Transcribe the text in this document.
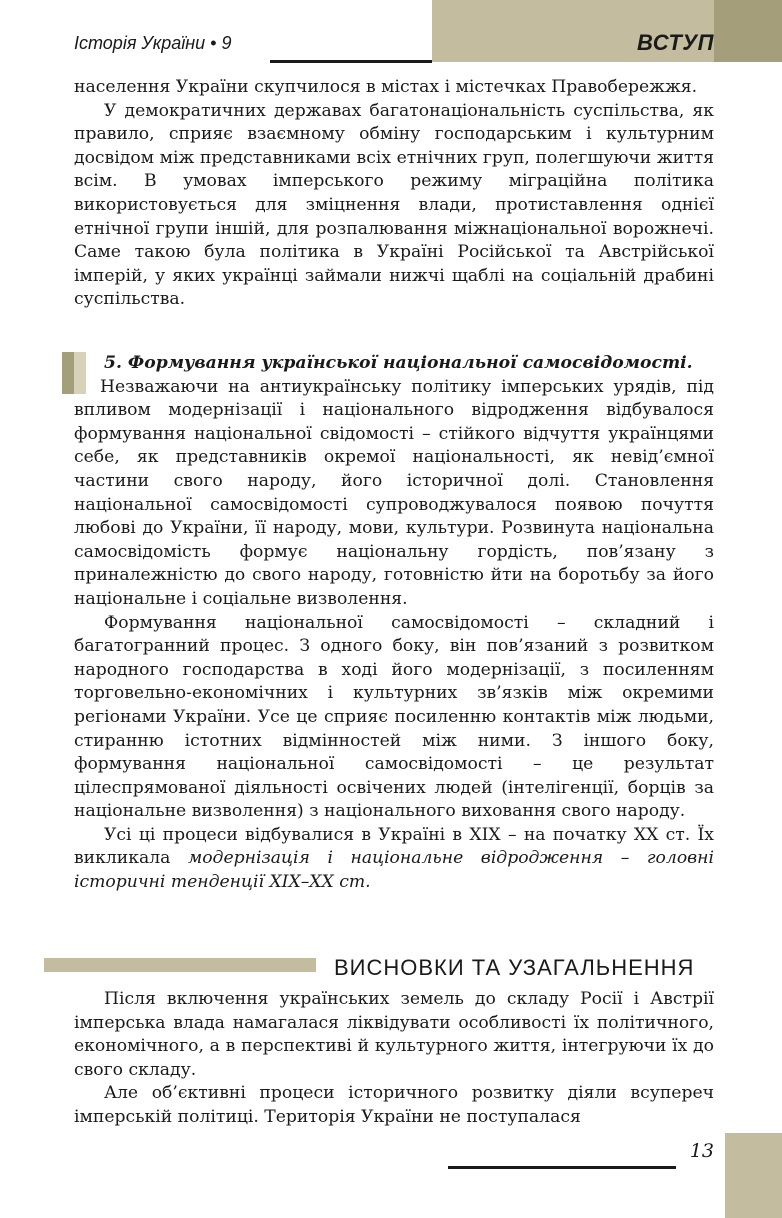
Історія України • 9	ВСТУП

населення України скупчилося в містах і містечках Правобережжя.

У демократичних державах багатонаціональність суспільства, як правило, сприяє взаємному обміну господарським і культурним досвідом між представниками всіх етнічних груп, полегшуючи життя всім. В умовах імперського режиму міграційна політика використовується для зміцнення влади, протиставлення однієї етнічної групи іншій, для розпалювання міжнаціональної ворожнечі. Саме такою була політика в Україні Російської та Австрійської імперій, у яких українці займали нижчі щаблі на соціальній драбині суспільства.

5. Формування української національної самосвідомості.

Незважаючи на антиукраїнську політику імперських урядів, під впливом модернізації і національного відродження відбувалося формування національної свідомості – стійкого відчуття українцями себе, як представників окремої національності, як невід’ємної частини свого народу, його історичної долі. Становлення національної самосвідомості супроводжувалося появою почуття любові до України, її народу, мови, культури. Розвинута національна самосвідомість формує національну гордість, пов’язану з приналежністю до свого народу, готовністю йти на боротьбу за його національне і соціальне визволення.

Формування національної самосвідомості – складний і багатогранний процес. З одного боку, він пов’язаний з розвитком народного господарства в ході його модернізації, з посиленням торговельно-економічних і культурних зв’язків між окремими регіонами України. Усе це сприяє посиленню контактів між людьми, стиранню істотних відмінностей між ними. З іншого боку, формування національної самосвідомості – це результат цілеспрямованої діяльності освічених людей (інтелігенції, борців за національне визволення) з національного виховання свого народу.

Усі ці процеси відбувалися в Україні в XIX – на початку XX ст. Їх викликала модернізація і національне відродження – головні історичні тенденції XIX–XX ст.

ВИСНОВКИ ТА УЗАГАЛЬНЕННЯ

Після включення українських земель до складу Росії і Австрії імперська влада намагалася ліквідувати особливості їх політичного, економічного, а в перспективі й культурного життя, інтегруючи їх до свого складу.

Але об’єктивні процеси історичного розвитку діяли всупереч імперській політиці. Територія України не поступалася

13
